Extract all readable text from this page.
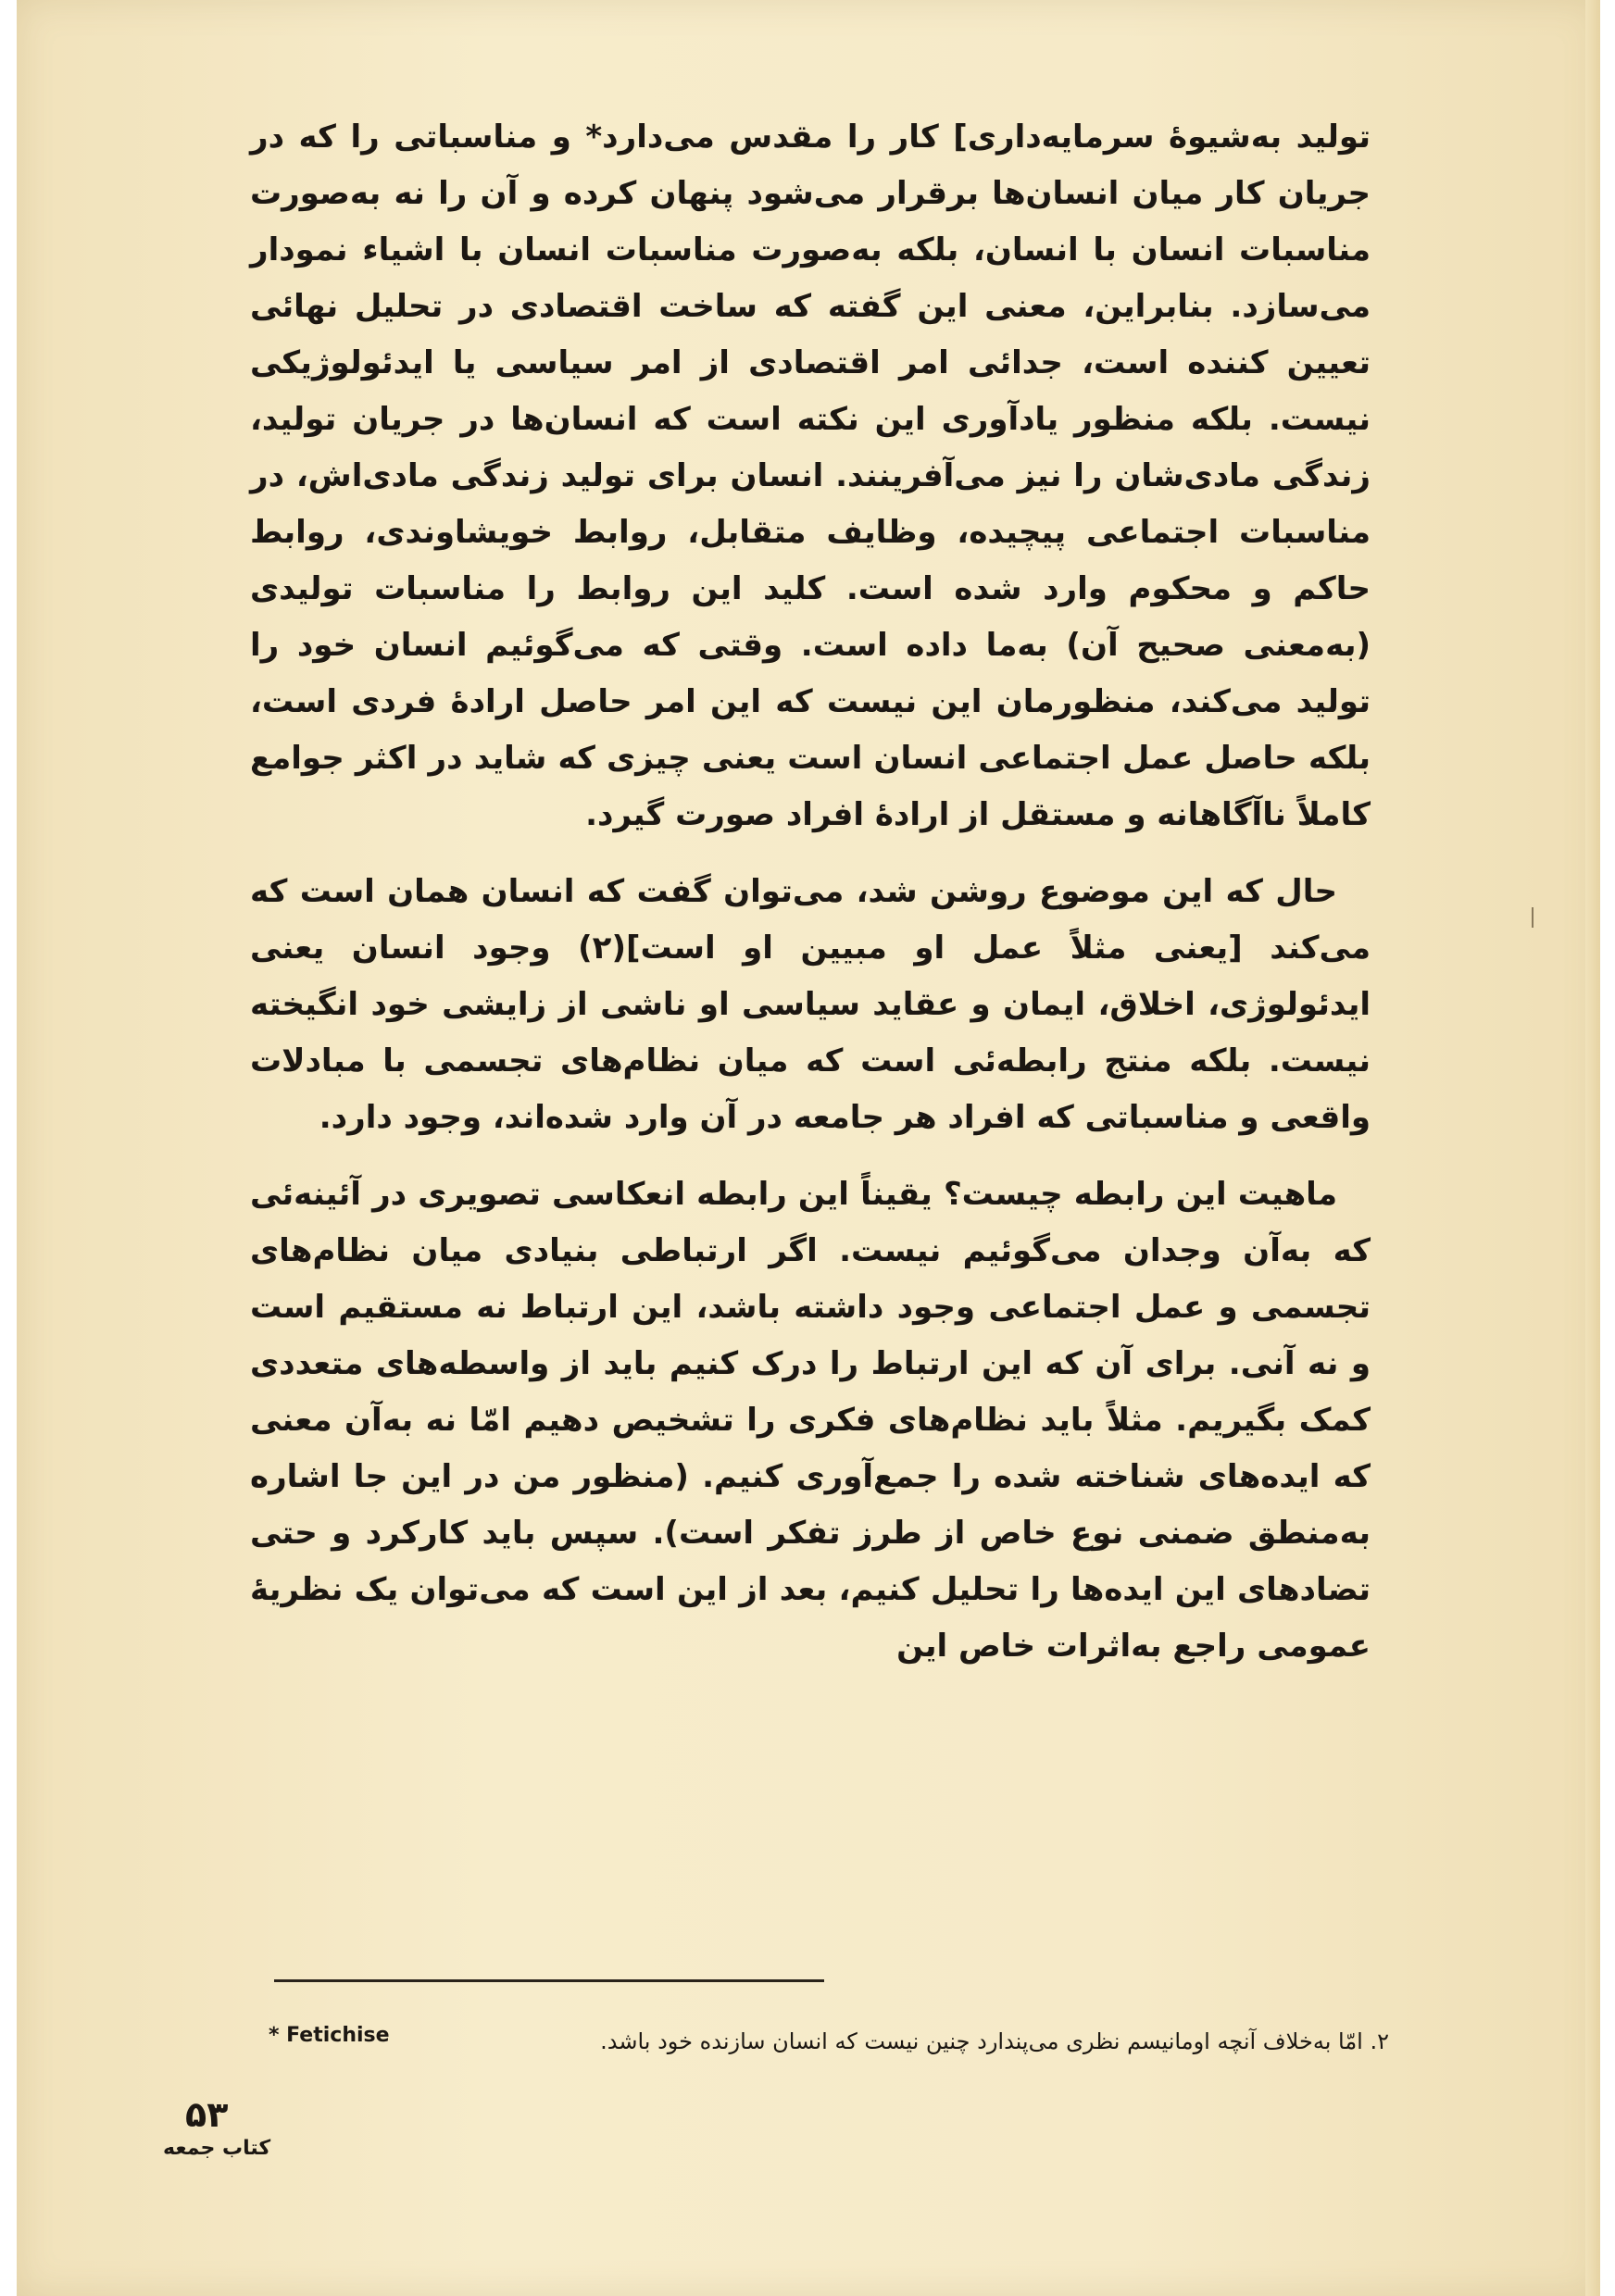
تولید به‌شیوهٔ سرمایه‌داری] کار را مقدس می‌دارد* و مناسباتی را که در جریان کار میان انسان‌ها برقرار می‌شود پنهان کرده و آن را نه به‌صورت مناسبات انسان با انسان، بلکه به‌صورت مناسبات انسان با اشیاء نمودار می‌سازد. بنابراین، معنی این گفته که ساخت اقتصادی در تحلیل نهائی تعیین کننده است، جدائی امر اقتصادی از امر سیاسی یا ایدئولوژیکی نیست. بلکه منظور یادآوری این نکته است که انسان‌ها در جریان تولید، زندگی مادی‌شان را نیز می‌آفرینند. انسان برای تولید زندگی مادی‌اش، در مناسبات اجتماعی پیچیده، وظایف متقابل، روابط خویشاوندی، روابط حاکم و محکوم وارد شده است. کلید این روابط را مناسبات تولیدی (به‌معنی صحیح آن) به‌ما داده است. وقتی که می‌گوئیم انسان خود را تولید می‌کند، منظورمان این نیست که این امر حاصل ارادهٔ فردی است، بلکه حاصل عمل اجتماعی انسان است یعنی چیزی که شاید در اکثر جوامع کاملاً ناآگاهانه و مستقل از ارادهٔ افراد صورت گیرد.

حال که این موضوع روشن شد، می‌توان گفت که انسان همان است که می‌کند [یعنی مثلاً عمل او مبیین او است](۲) وجود انسان یعنی ایدئولوژی، اخلاق، ایمان و عقاید سیاسی او ناشی از زایشی خود انگیخته نیست. بلکه منتج رابطه‌ئی است که میان نظام‌های تجسمی با مبادلات واقعی و مناسباتی که افراد هر جامعه در آن وارد شده‌اند، وجود دارد.

ماهیت این رابطه چیست؟ یقیناً این رابطه انعکاسی تصویری در آئینه‌ئی که به‌آن وجدان می‌گوئیم نیست. اگر ارتباطی بنیادی میان نظام‌های تجسمی و عمل اجتماعی وجود داشته باشد، این ارتباط نه مستقیم است و نه آنی. برای آن که این ارتباط را درک کنیم باید از واسطه‌های متعددی کمک بگیریم. مثلاً باید نظام‌های فکری را تشخیص دهیم امّا نه به‌آن معنی که ایده‌های شناخته شده را جمع‌آوری کنیم. (منظور من در این جا اشاره به‌منطق ضمنی نوع خاص از طرز تفکر است). سپس باید کارکرد و حتی تضادهای این ایده‌ها را تحلیل کنیم، بعد از این است که می‌توان یک نظریهٔ عمومی راجع به‌اثرات خاص این

* Fetichise	۲. امّا به‌خلاف آنچه اومانیسم نظری می‌پندارد چنین نیست که انسان سازنده خود باشد.
۵۳
کتاب جمعه
